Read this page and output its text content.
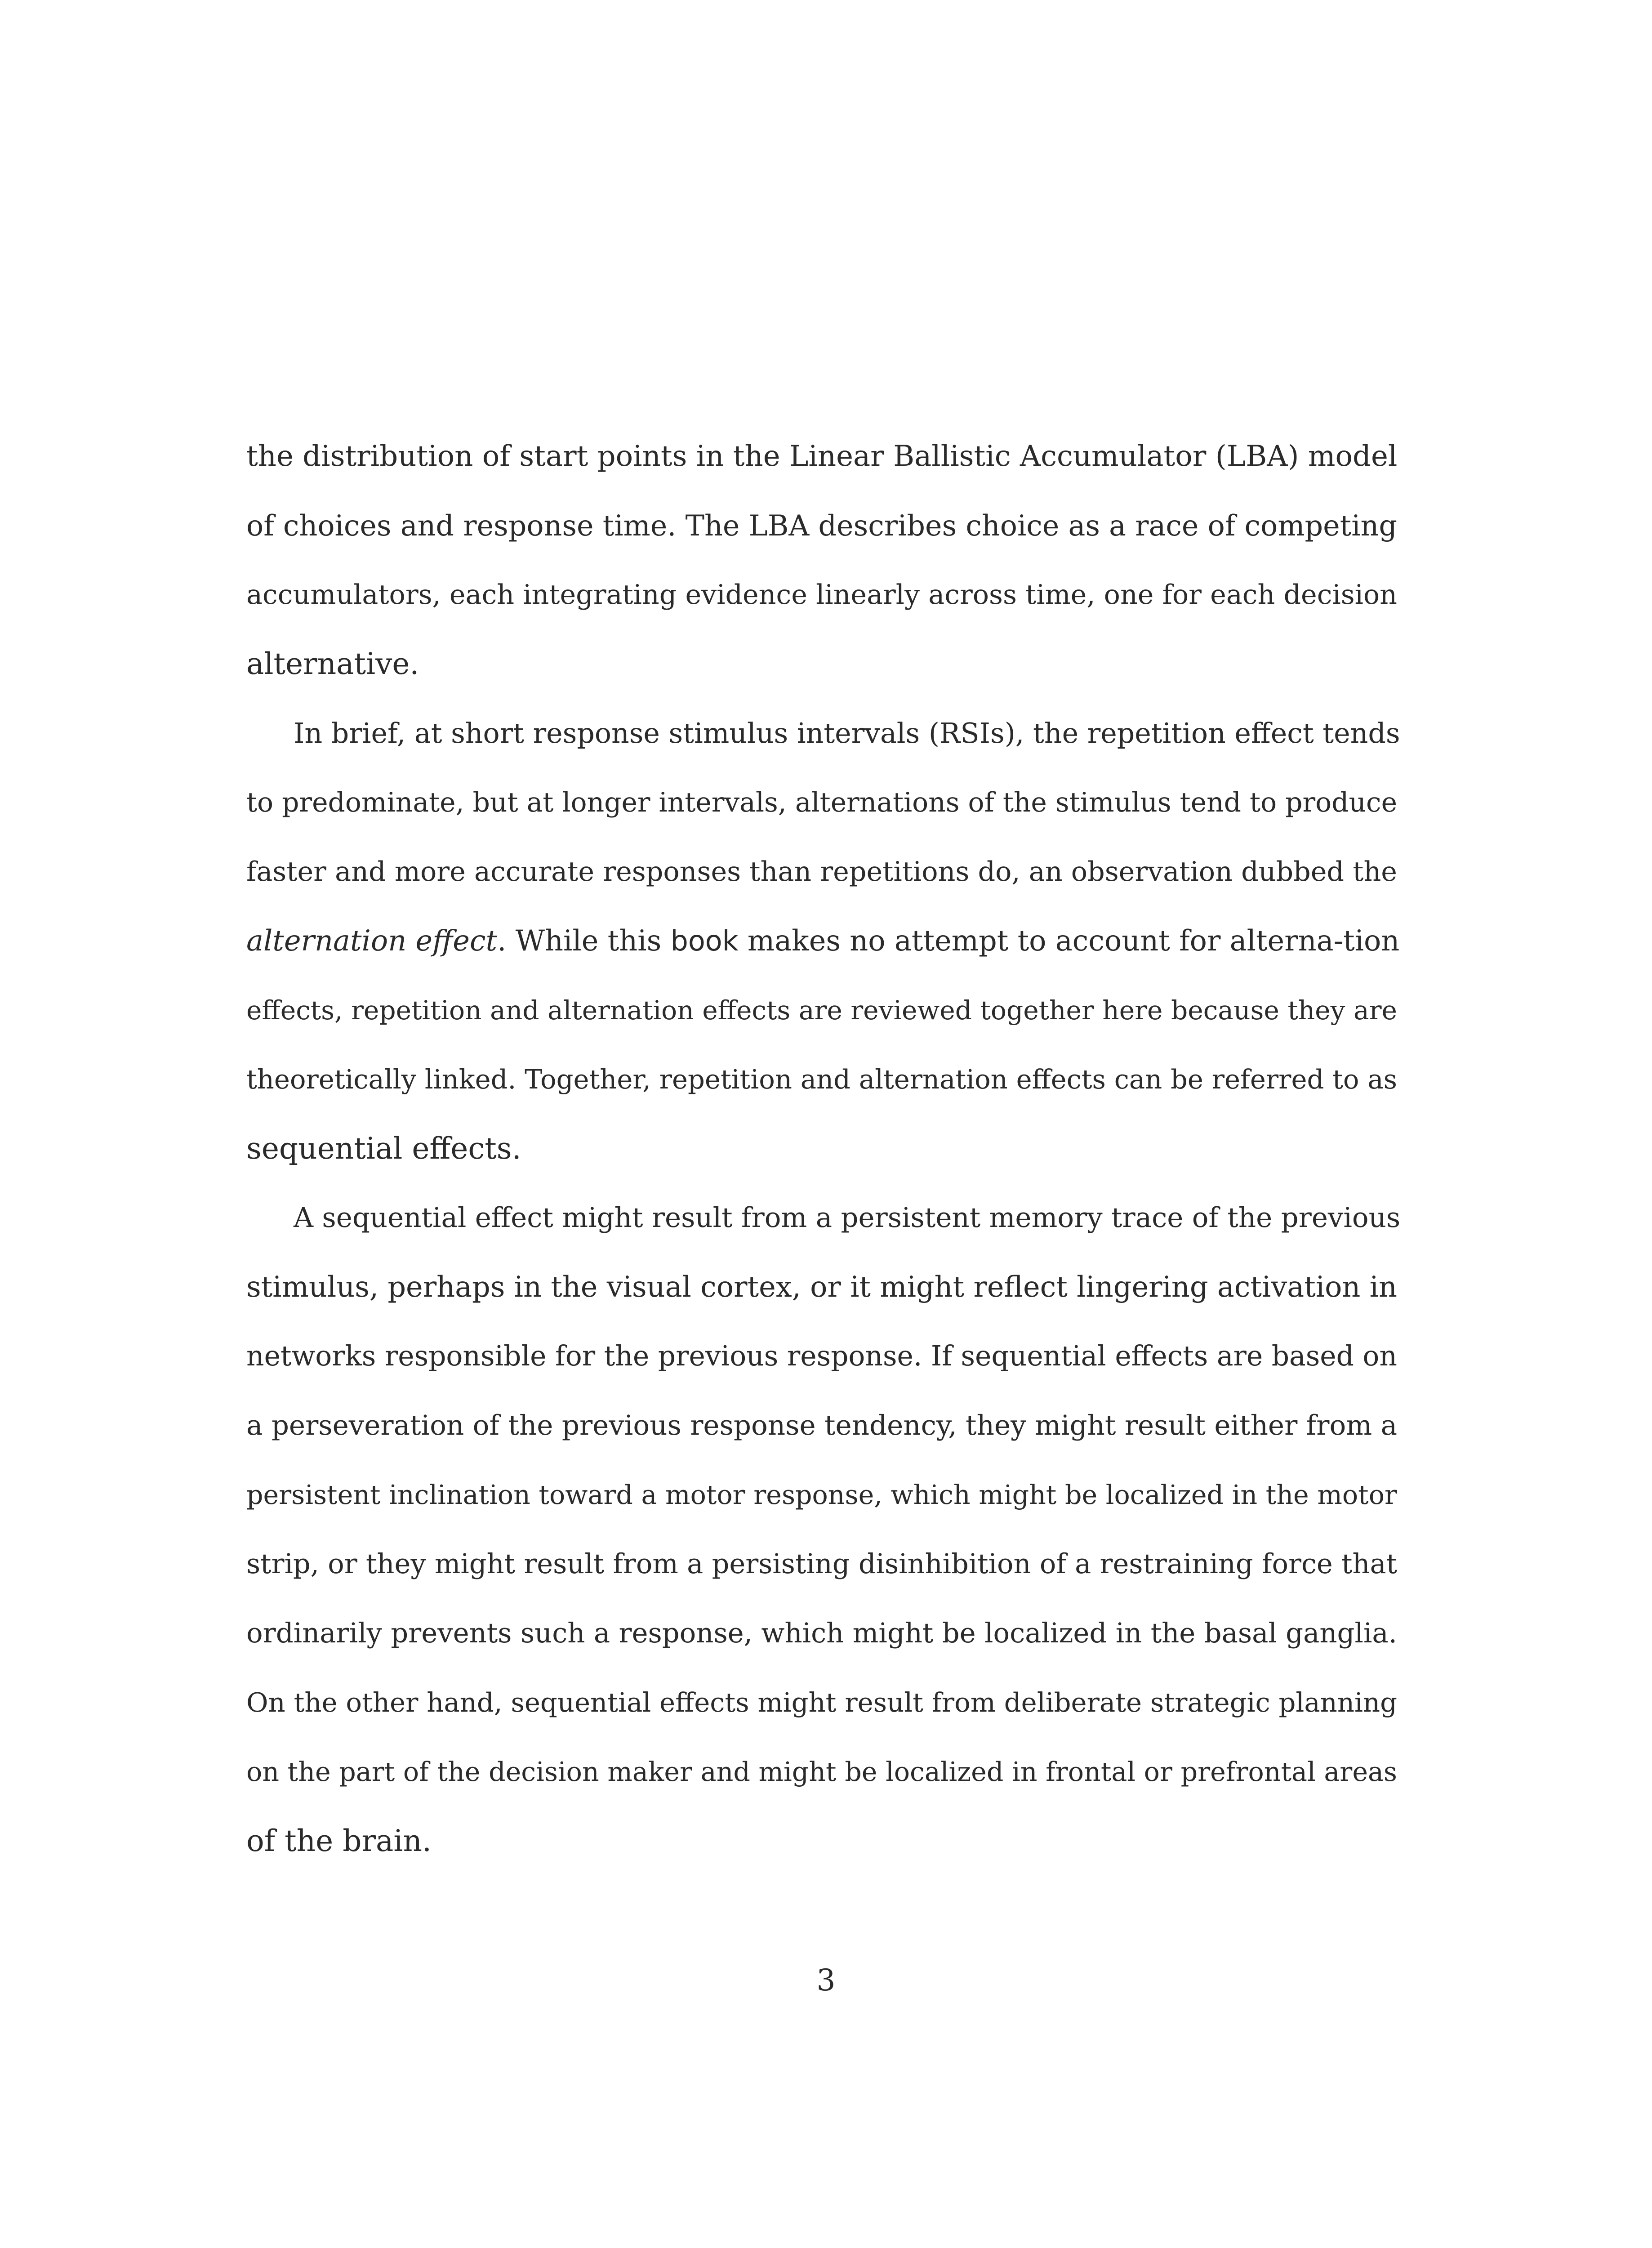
the distribution of start points in the Linear Ballistic Accumulator (LBA) model
of choices and response time. The LBA describes choice as a race of competing
accumulators, each integrating evidence linearly across time, one for each decision
alternative.
In brief, at short response stimulus intervals (RSIs), the repetition effect tends
to predominate, but at longer intervals, alternations of the stimulus tend to produce
faster and more accurate responses than repetitions do, an observation dubbed the
alternation effect. While this book makes no attempt to account for alterna-tion
effects, repetition and alternation effects are reviewed together here because they are
theoretically linked. Together, repetition and alternation effects can be referred to as
sequential effects.
A sequential effect might result from a persistent memory trace of the previous
stimulus, perhaps in the visual cortex, or it might reflect lingering activation in
networks responsible for the previous response. If sequential effects are based on
a perseveration of the previous response tendency, they might result either from a
persistent inclination toward a motor response, which might be localized in the motor
strip, or they might result from a persisting disinhibition of a restraining force that
ordinarily prevents such a response, which might be localized in the basal ganglia.
On the other hand, sequential effects might result from deliberate strategic planning
on the part of the decision maker and might be localized in frontal or prefrontal areas
of the brain.
3
